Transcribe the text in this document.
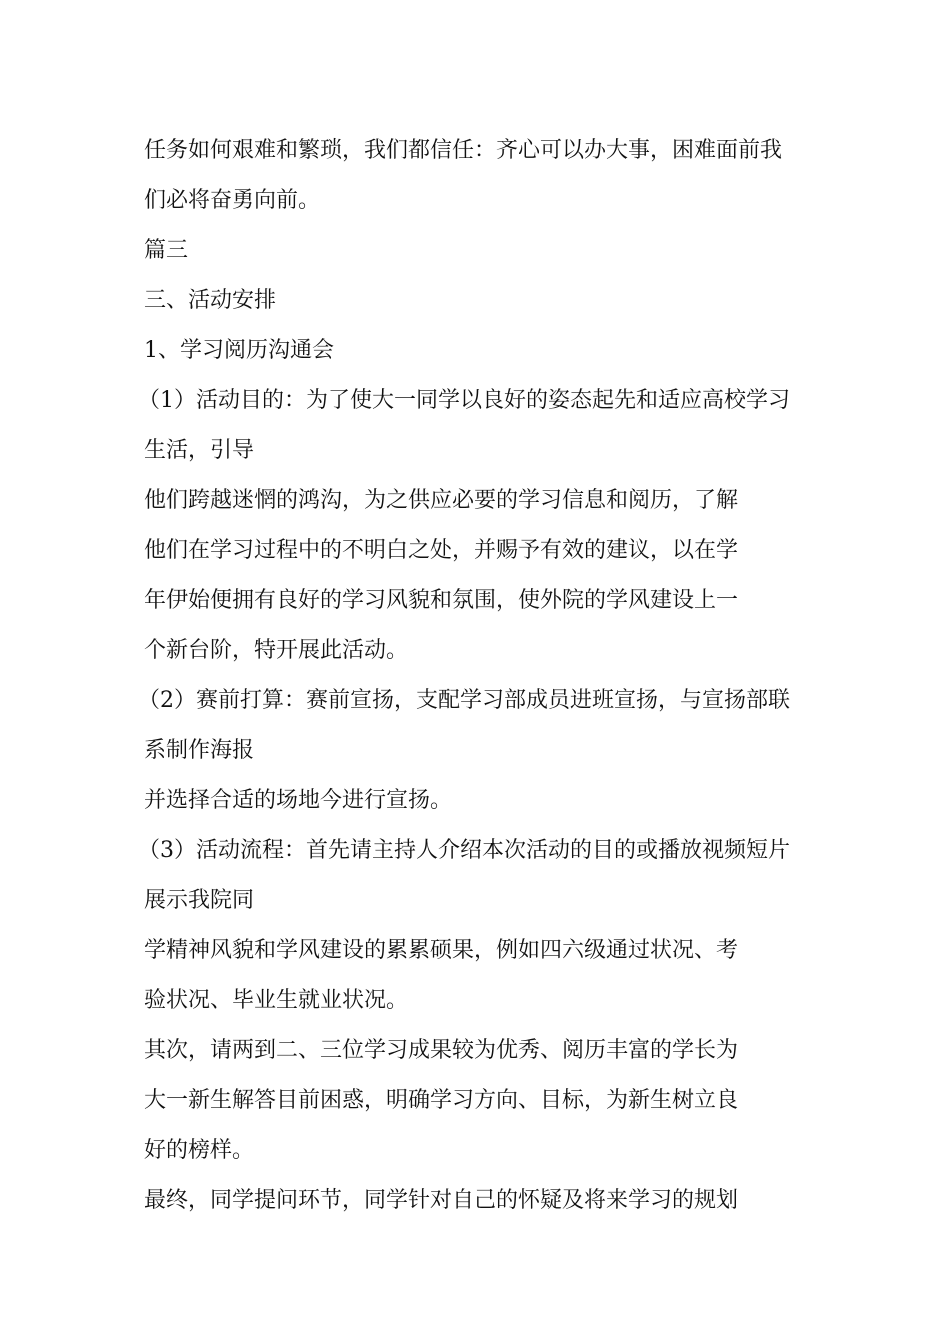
任务如何艰难和繁琐，我们都信任：齐心可以办大事，困难面前我
们必将奋勇向前。
篇三
三、活动安排
1、学习阅历沟通会
（1）活动目的：为了使大一同学以良好的姿态起先和适应高校学习
生活，引导
他们跨越迷惘的鸿沟，为之供应必要的学习信息和阅历，了解
他们在学习过程中的不明白之处，并赐予有效的建议，以在学
年伊始便拥有良好的学习风貌和氛围，使外院的学风建设上一
个新台阶，特开展此活动。
（2）赛前打算：赛前宣扬，支配学习部成员进班宣扬，与宣扬部联
系制作海报
并选择合适的场地今进行宣扬。
（3）活动流程：首先请主持人介绍本次活动的目的或播放视频短片
展示我院同
学精神风貌和学风建设的累累硕果，例如四六级通过状况、考
验状况、毕业生就业状况。
其次，请两到二、三位学习成果较为优秀、阅历丰富的学长为
大一新生解答目前困惑，明确学习方向、目标，为新生树立良
好的榜样。
最终，同学提问环节，同学针对自己的怀疑及将来学习的规划
